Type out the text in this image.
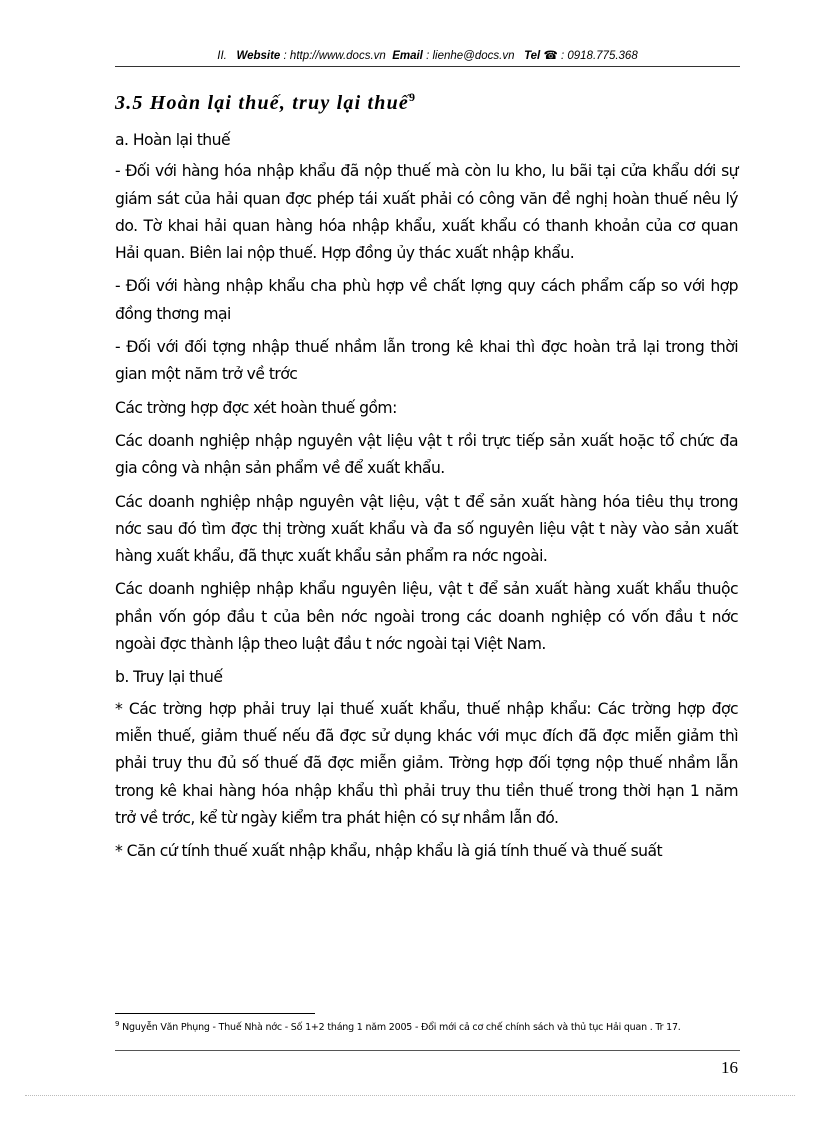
II. Website : http://www.docs.vn Email : lienhe@docs.vn Tel ☎ : 0918.775.368
3.5 Hoàn lại thuế, truy lại thuế$^9$

a. Hoàn lại thuế

- Đối với hàng hóa nhập khẩu đã nộp thuế mà còn lu kho, lu bãi tại cửa khẩu dới sự giám sát của hải quan đợc phép tái xuất phải có công văn đề nghị hoàn thuế nêu lý do. Tờ khai hải quan hàng hóa nhập khẩu, xuất khẩu có thanh khoản của cơ quan Hải quan. Biên lai nộp thuế. Hợp đồng ủy thác xuất nhập khẩu.

- Đối với hàng nhập khẩu cha phù hợp về chất lợng quy cách phẩm cấp so với hợp đồng thơng mại

- Đối với đối tợng nhập thuế nhầm lẫn trong kê khai thì đợc hoàn trả lại trong thời gian một năm trở về trớc

Các trờng hợp đợc xét hoàn thuế gồm:

Các doanh nghiệp nhập nguyên vật liệu vật t rồi trực tiếp sản xuất hoặc tổ chức đa gia công và nhận sản phẩm về để xuất khẩu.

Các doanh nghiệp nhập nguyên vật liệu, vật t để sản xuất hàng hóa tiêu thụ trong nớc sau đó tìm đợc thị trờng xuất khẩu và đa số nguyên liệu vật t này vào sản xuất hàng xuất khẩu, đã thực xuất khẩu sản phẩm ra nớc ngoài.

Các doanh nghiệp nhập khẩu nguyên liệu, vật t để sản xuất hàng xuất khẩu thuộc phần vốn góp đầu t của bên nớc ngoài trong các doanh nghiệp có vốn đầu t nớc ngoài đợc thành lập theo luật đầu t nớc ngoài tại Việt Nam.

b. Truy lại thuế

* Các trờng hợp phải truy lại thuế xuất khẩu, thuế nhập khẩu: Các trờng hợp đợc miễn thuế, giảm thuế nếu đã đợc sử dụng khác với mục đích đã đợc miễn giảm thì phải truy thu đủ số thuế đã đợc miễn giảm. Trờng hợp đối tợng nộp thuế nhầm lẫn trong kê khai hàng hóa nhập khẩu thì phải truy thu tiền thuế trong thời hạn 1 năm trở về trớc, kể từ ngày kiểm tra phát hiện có sự nhầm lẫn đó.

* Căn cứ tính thuế xuất nhập khẩu, nhập khẩu là giá tính thuế và thuế suất

$^9$ Nguyễn Văn Phụng - Thuế Nhà nớc - Số 1+2 tháng 1 năm 2005 - Đổi mới cả cơ chế chính sách và thủ tục Hải quan . Tr 17.
16
